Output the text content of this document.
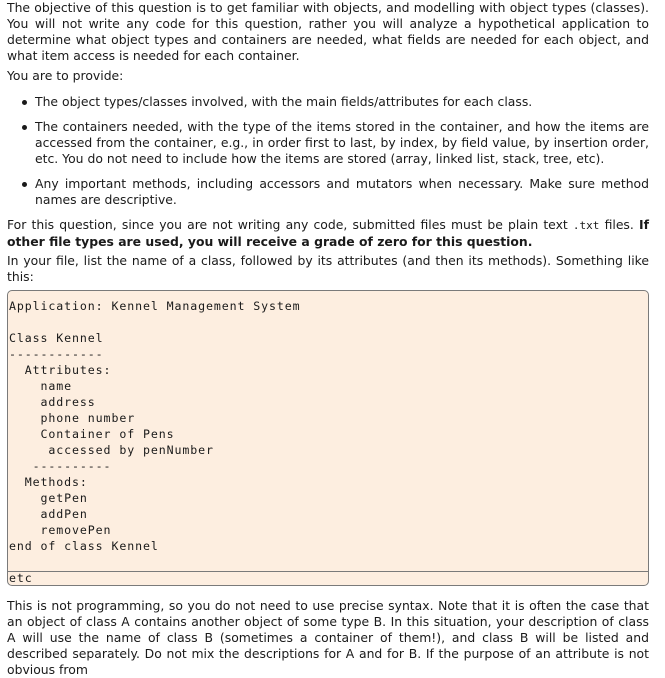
The objective of this question is to get familiar with objects, and modelling with object types (classes). You will not write any code for this question, rather you will analyze a hypothetical application to determine what object types and containers are needed, what fields are needed for each object, and what item access is needed for each container.

You are to provide:

The object types/classes involved, with the main fields/attributes for each class.
The containers needed, with the type of the items stored in the container, and how the items are accessed from the container, e.g., in order first to last, by index, by field value, by insertion order, etc. You do not need to include how the items are stored (array, linked list, stack, tree, etc).
Any important methods, including accessors and mutators when necessary. Make sure method names are descriptive.

For this question, since you are not writing any code, submitted files must be plain text .txt files. If other file types are used, you will receive a grade of zero for this question.

In your file, list the name of a class, followed by its attributes (and then its methods). Something like this:

Application: Kennel Management System

Class Kennel
------------
Attributes:
name
address
phone number
Container of Pens
accessed by penNumber
----------
Methods:
getPen
addPen
removePen
end of class Kennel

etc

This is not programming, so you do not need to use precise syntax. Note that it is often the case that an object of class A contains another object of some type B. In this situation, your description of class A will use the name of class B (sometimes a container of them!), and class B will be listed and described separately. Do not mix the descriptions for A and for B. If the purpose of an attribute is not obvious from
